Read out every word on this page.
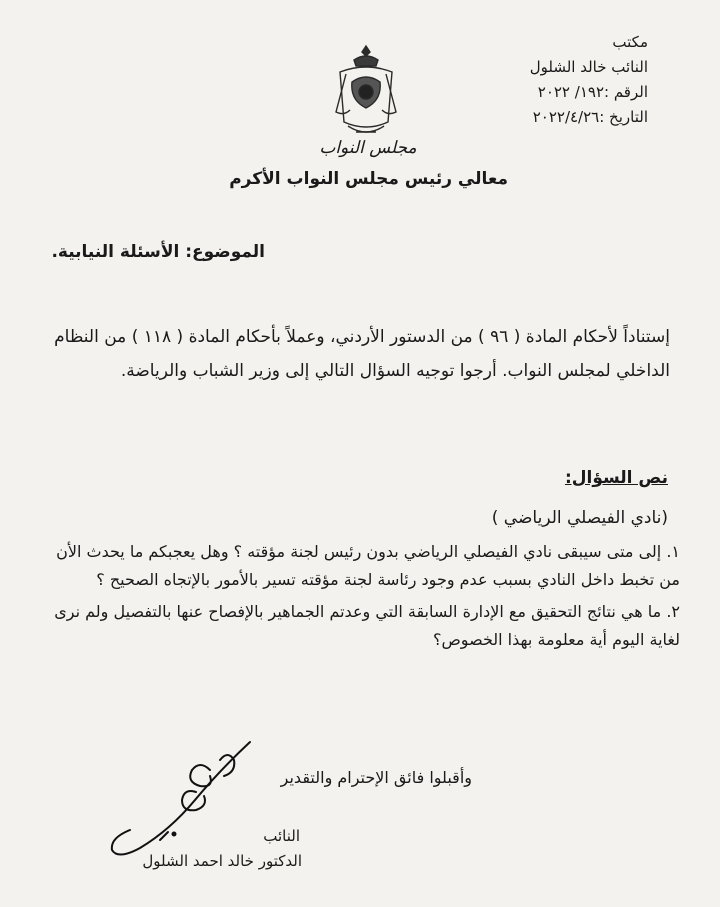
مكتب
النائب خالد الشلول
الرقم :١٩٢/ ٢٠٢٢
التاريخ :٢٠٢٢/٤/٢٦
مجلس النواب
معالي رئيس مجلس النواب الأكرم
الموضوع: الأسئلة النيابية.
إستناداً لأحكام المادة ( ٩٦ ) من الدستور الأردني، وعملاً بأحكام المادة ( ١١٨ ) من النظام الداخلي لمجلس النواب. أرجوا توجيه السؤال التالي إلى وزير الشباب والرياضة.
نص السؤال:
(نادي الفيصلي الرياضي )

١. إلى متى سيبقى نادي الفيصلي الرياضي بدون رئيس لجنة مؤقته ؟ وهل يعجبكم ما يحدث الأن من تخبط داخل النادي بسبب عدم وجود رئاسة لجنة مؤقته تسير بالأمور بالإتجاه الصحيح ؟

٢. ما هي نتائج التحقيق مع الإدارة السابقة التي وعدتم الجماهير بالإفصاح عنها بالتفصيل ولم نرى لغاية اليوم أية معلومة بهذا الخصوص؟

وأقبلوا فائق الإحترام والتقدير
النائب
الدكتور خالد احمد الشلول
